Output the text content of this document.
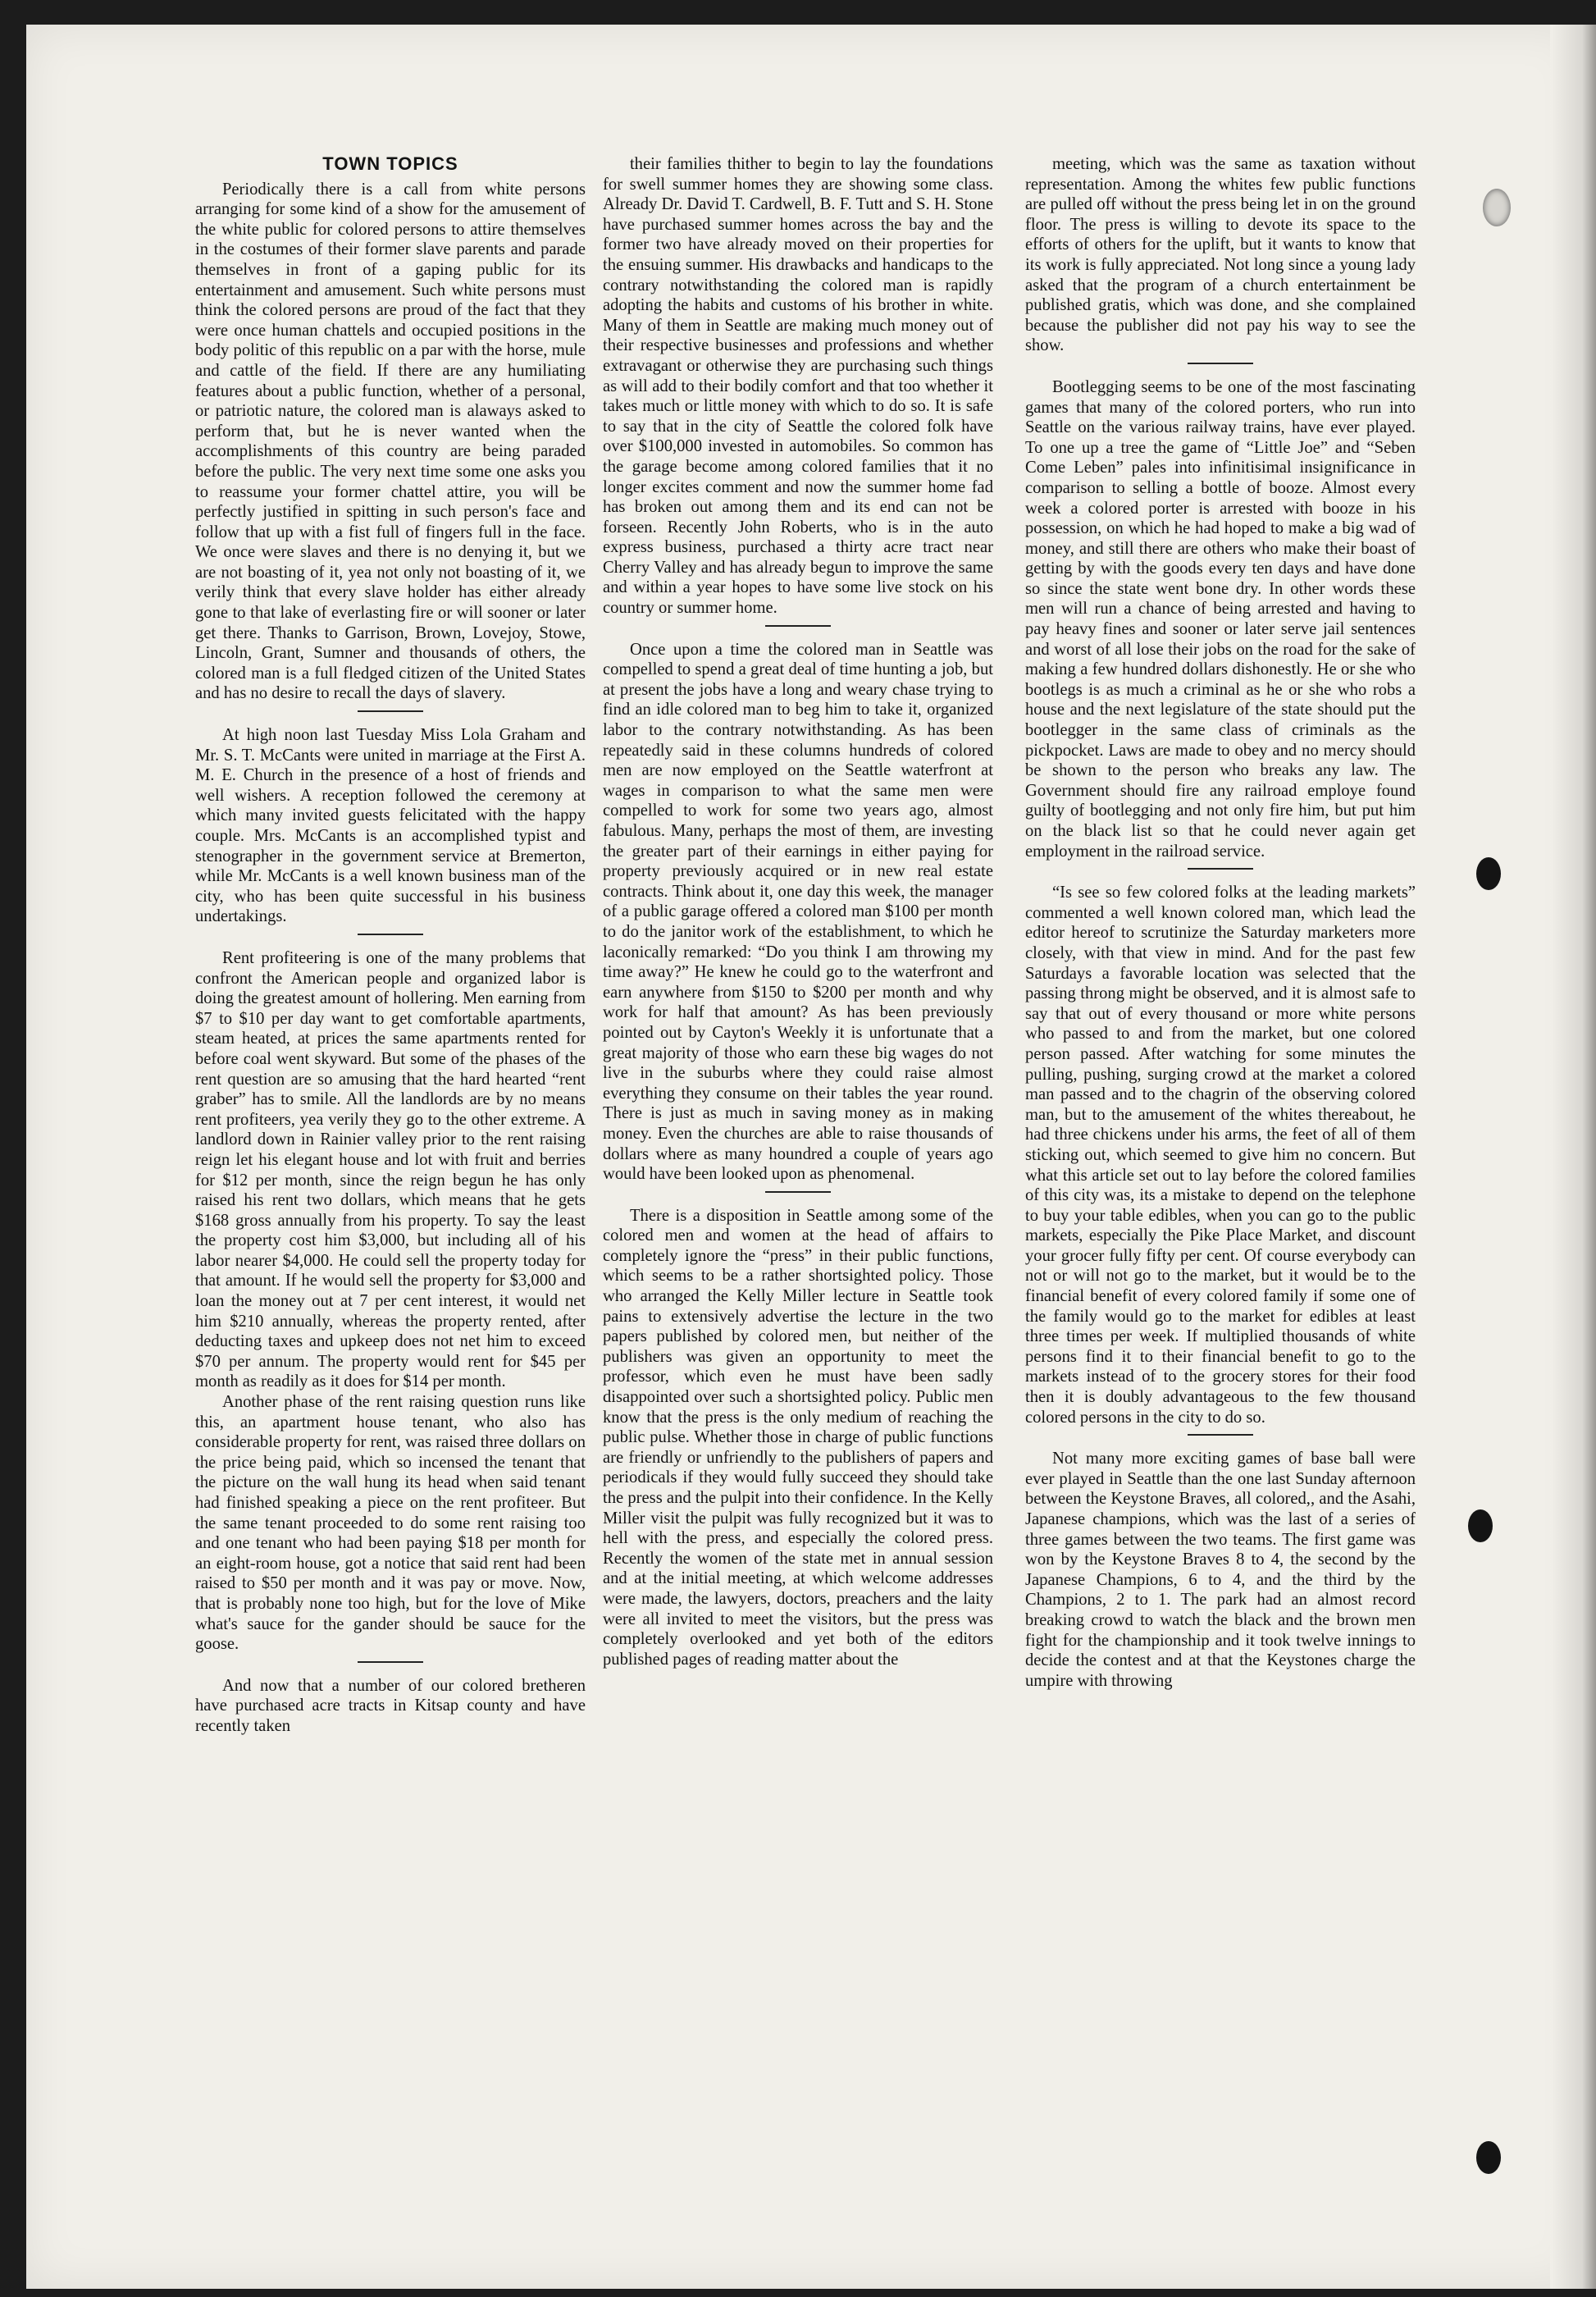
TOWN TOPICS

Periodically there is a call from white persons arranging for some kind of a show for the amusement of the white public for colored persons to attire themselves in the costumes of their former slave parents and parade themselves in front of a gaping public for its entertainment and amusement. Such white persons must think the colored persons are proud of the fact that they were once human chattels and occupied positions in the body politic of this republic on a par with the horse, mule and cattle of the field. If there are any humiliating features about a public function, whether of a personal, or patriotic nature, the colored man is alaways asked to perform that, but he is never wanted when the accomplishments of this country are being paraded before the public. The very next time some one asks you to reassume your former chattel attire, you will be perfectly justified in spitting in such person's face and follow that up with a fist full of fingers full in the face. We once were slaves and there is no denying it, but we are not boasting of it, yea not only not boasting of it, we verily think that every slave holder has either already gone to that lake of everlasting fire or will sooner or later get there. Thanks to Garrison, Brown, Lovejoy, Stowe, Lincoln, Grant, Sumner and thousands of others, the colored man is a full fledged citizen of the United States and has no desire to recall the days of slavery.

At high noon last Tuesday Miss Lola Graham and Mr. S. T. McCants were united in marriage at the First A. M. E. Church in the presence of a host of friends and well wishers. A reception followed the ceremony at which many invited guests felicitated with the happy couple. Mrs. McCants is an accomplished typist and stenographer in the government service at Bremerton, while Mr. McCants is a well known business man of the city, who has been quite successful in his business undertakings.

Rent profiteering is one of the many problems that confront the American people and organized labor is doing the greatest amount of hollering. Men earning from $7 to $10 per day want to get comfortable apartments, steam heated, at prices the same apartments rented for before coal went skyward. But some of the phases of the rent question are so amusing that the hard hearted “rent graber” has to smile. All the landlords are by no means rent profiteers, yea verily they go to the other extreme. A landlord down in Rainier valley prior to the rent raising reign let his elegant house and lot with fruit and berries for $12 per month, since the reign begun he has only raised his rent two dollars, which means that he gets $168 gross annually from his property. To say the least the property cost him $3,000, but including all of his labor nearer $4,000. He could sell the property today for that amount. If he would sell the property for $3,000 and loan the money out at 7 per cent interest, it would net him $210 annually, whereas the property rented, after deducting taxes and upkeep does not net him to exceed $70 per annum. The property would rent for $45 per month as readily as it does for $14 per month.

Another phase of the rent raising question runs like this, an apartment house tenant, who also has considerable property for rent, was raised three dollars on the price being paid, which so incensed the tenant that the picture on the wall hung its head when said tenant had finished speaking a piece on the rent profiteer. But the same tenant proceeded to do some rent raising too and one tenant who had been paying $18 per month for an eight-room house, got a notice that said rent had been raised to $50 per month and it was pay or move. Now, that is probably none too high, but for the love of Mike what's sauce for the gander should be sauce for the goose.

And now that a number of our colored bretheren have purchased acre tracts in Kitsap county and have recently taken

their families thither to begin to lay the foundations for swell summer homes they are showing some class. Already Dr. David T. Cardwell, B. F. Tutt and S. H. Stone have purchased summer homes across the bay and the former two have already moved on their properties for the ensuing summer. His drawbacks and handicaps to the contrary notwithstanding the colored man is rapidly adopting the habits and customs of his brother in white. Many of them in Seattle are making much money out of their respective businesses and professions and whether extravagant or otherwise they are purchasing such things as will add to their bodily comfort and that too whether it takes much or little money with which to do so. It is safe to say that in the city of Seattle the colored folk have over $100,000 invested in automobiles. So common has the garage become among colored families that it no longer excites comment and now the summer home fad has broken out among them and its end can not be forseen. Recently John Roberts, who is in the auto express business, purchased a thirty acre tract near Cherry Valley and has already begun to improve the same and within a year hopes to have some live stock on his country or summer home.

Once upon a time the colored man in Seattle was compelled to spend a great deal of time hunting a job, but at present the jobs have a long and weary chase trying to find an idle colored man to beg him to take it, organized labor to the contrary notwithstanding. As has been repeatedly said in these columns hundreds of colored men are now employed on the Seattle waterfront at wages in comparison to what the same men were compelled to work for some two years ago, almost fabulous. Many, perhaps the most of them, are investing the greater part of their earnings in either paying for property previously acquired or in new real estate contracts. Think about it, one day this week, the manager of a public garage offered a colored man $100 per month to do the janitor work of the establishment, to which he laconically remarked: “Do you think I am throwing my time away?” He knew he could go to the waterfront and earn anywhere from $150 to $200 per month and why work for half that amount? As has been previously pointed out by Cayton's Weekly it is unfortunate that a great majority of those who earn these big wages do not live in the suburbs where they could raise almost everything they consume on their tables the year round. There is just as much in saving money as in making money. Even the churches are able to raise thousands of dollars where as many houndred a couple of years ago would have been looked upon as phenomenal.

There is a disposition in Seattle among some of the colored men and women at the head of affairs to completely ignore the “press” in their public functions, which seems to be a rather shortsighted policy. Those who arranged the Kelly Miller lecture in Seattle took pains to extensively advertise the lecture in the two papers published by colored men, but neither of the publishers was given an opportunity to meet the professor, which even he must have been sadly disappointed over such a shortsighted policy. Public men know that the press is the only medium of reaching the public pulse. Whether those in charge of public functions are friendly or unfriendly to the publishers of papers and periodicals if they would fully succeed they should take the press and the pulpit into their confidence. In the Kelly Miller visit the pulpit was fully recognized but it was to hell with the press, and especially the colored press. Recently the women of the state met in annual session and at the initial meeting, at which welcome addresses were made, the lawyers, doctors, preachers and the laity were all invited to meet the visitors, but the press was completely overlooked and yet both of the editors published pages of reading matter about the

meeting, which was the same as taxation without representation. Among the whites few public functions are pulled off without the press being let in on the ground floor. The press is willing to devote its space to the efforts of others for the uplift, but it wants to know that its work is fully appreciated. Not long since a young lady asked that the program of a church entertainment be published gratis, which was done, and she complained because the publisher did not pay his way to see the show.

Bootlegging seems to be one of the most fascinating games that many of the colored porters, who run into Seattle on the various railway trains, have ever played. To one up a tree the game of “Little Joe” and “Seben Come Leben” pales into infinitisimal insignificance in comparison to selling a bottle of booze. Almost every week a colored porter is arrested with booze in his possession, on which he had hoped to make a big wad of money, and still there are others who make their boast of getting by with the goods every ten days and have done so since the state went bone dry. In other words these men will run a chance of being arrested and having to pay heavy fines and sooner or later serve jail sentences and worst of all lose their jobs on the road for the sake of making a few hundred dollars dishonestly. He or she who bootlegs is as much a criminal as he or she who robs a house and the next legislature of the state should put the bootlegger in the same class of criminals as the pickpocket. Laws are made to obey and no mercy should be shown to the person who breaks any law. The Government should fire any railroad employe found guilty of bootlegging and not only fire him, but put him on the black list so that he could never again get employment in the railroad service.

“Is see so few colored folks at the leading markets” commented a well known colored man, which lead the editor hereof to scrutinize the Saturday marketers more closely, with that view in mind. And for the past few Saturdays a favorable location was selected that the passing throng might be observed, and it is almost safe to say that out of every thousand or more white persons who passed to and from the market, but one colored person passed. After watching for some minutes the pulling, pushing, surging crowd at the market a colored man passed and to the chagrin of the observing colored man, but to the amusement of the whites thereabout, he had three chickens under his arms, the feet of all of them sticking out, which seemed to give him no concern. But what this article set out to lay before the colored families of this city was, its a mistake to depend on the telephone to buy your table edibles, when you can go to the public markets, especially the Pike Place Market, and discount your grocer fully fifty per cent. Of course everybody can not or will not go to the market, but it would be to the financial benefit of every colored family if some one of the family would go to the market for edibles at least three times per week. If multiplied thousands of white persons find it to their financial benefit to go to the markets instead of to the grocery stores for their food then it is doubly advantageous to the few thousand colored persons in the city to do so.

Not many more exciting games of base ball were ever played in Seattle than the one last Sunday afternoon between the Keystone Braves, all colored,, and the Asahi, Japanese champions, which was the last of a series of three games between the two teams. The first game was won by the Keystone Braves 8 to 4, the second by the Japanese Champions, 6 to 4, and the third by the Champions, 2 to 1. The park had an almost record breaking crowd to watch the black and the brown men fight for the championship and it took twelve innings to decide the contest and at that the Keystones charge the umpire with throwing
